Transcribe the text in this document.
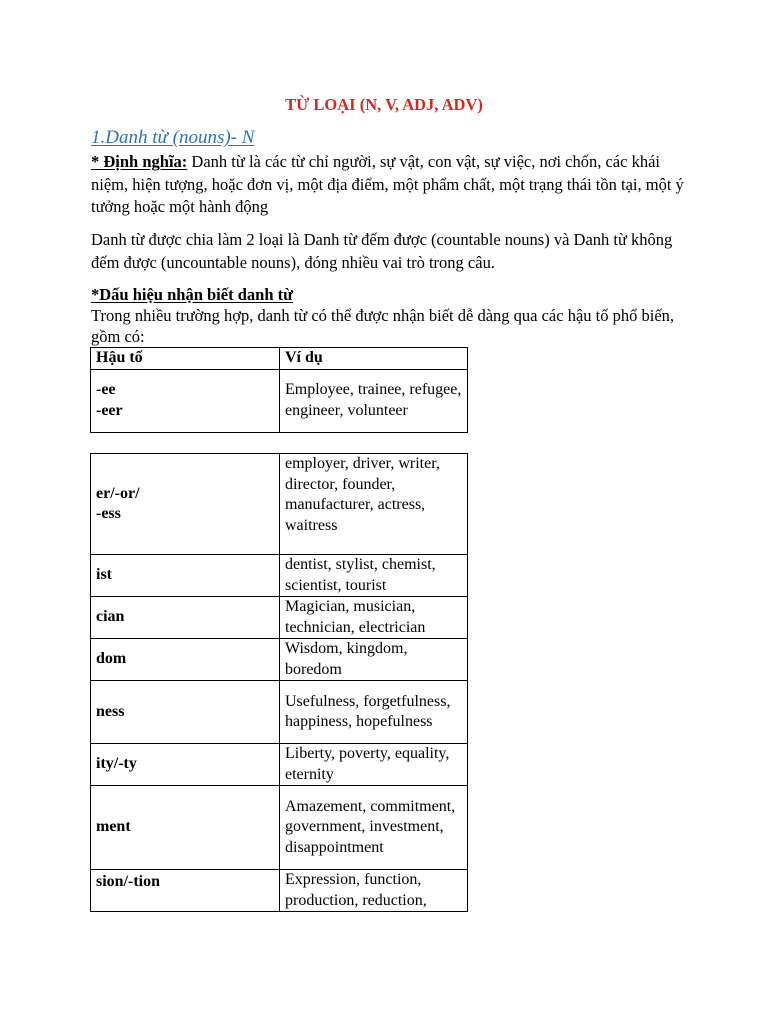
TỪ LOẠI (N, V, ADJ, ADV)
1.Danh từ (nouns)- N
* Định nghĩa: Danh từ là các từ chỉ người, sự vật, con vật, sự việc, nơi chốn, các khái niệm, hiện tượng, hoặc đơn vị, một địa điểm, một phẩm chất, một trạng thái tồn tại, một ý tưởng hoặc một hành động
Danh từ được chia làm 2 loại là Danh từ đếm được (countable nouns) và Danh từ không đếm được (uncountable nouns), đóng nhiều vai trò trong câu.
*Dấu hiệu nhận biết danh từ
Trong nhiều trường hợp, danh từ có thể được nhận biết dễ dàng qua các hậu tố phổ biến, gồm có:
Hậu tố	Ví dụ

-ee
-eer	Employee, trainee, refugee, engineer, volunteer
er/-or/
-ess	employer, driver, writer, director, founder, manufacturer, actress, waitress

ist	dentist, stylist, chemist, scientist, tourist
cian	Magician, musician, technician, electrician
dom	Wisdom, kingdom, boredom
ness	Usefulness, forgetfulness, happiness, hopefulness
ity/-ty	Liberty, poverty, equality, eternity
ment	Amazement, commitment, government, investment, disappointment
sion/-tion	Expression, function, production, reduction,
